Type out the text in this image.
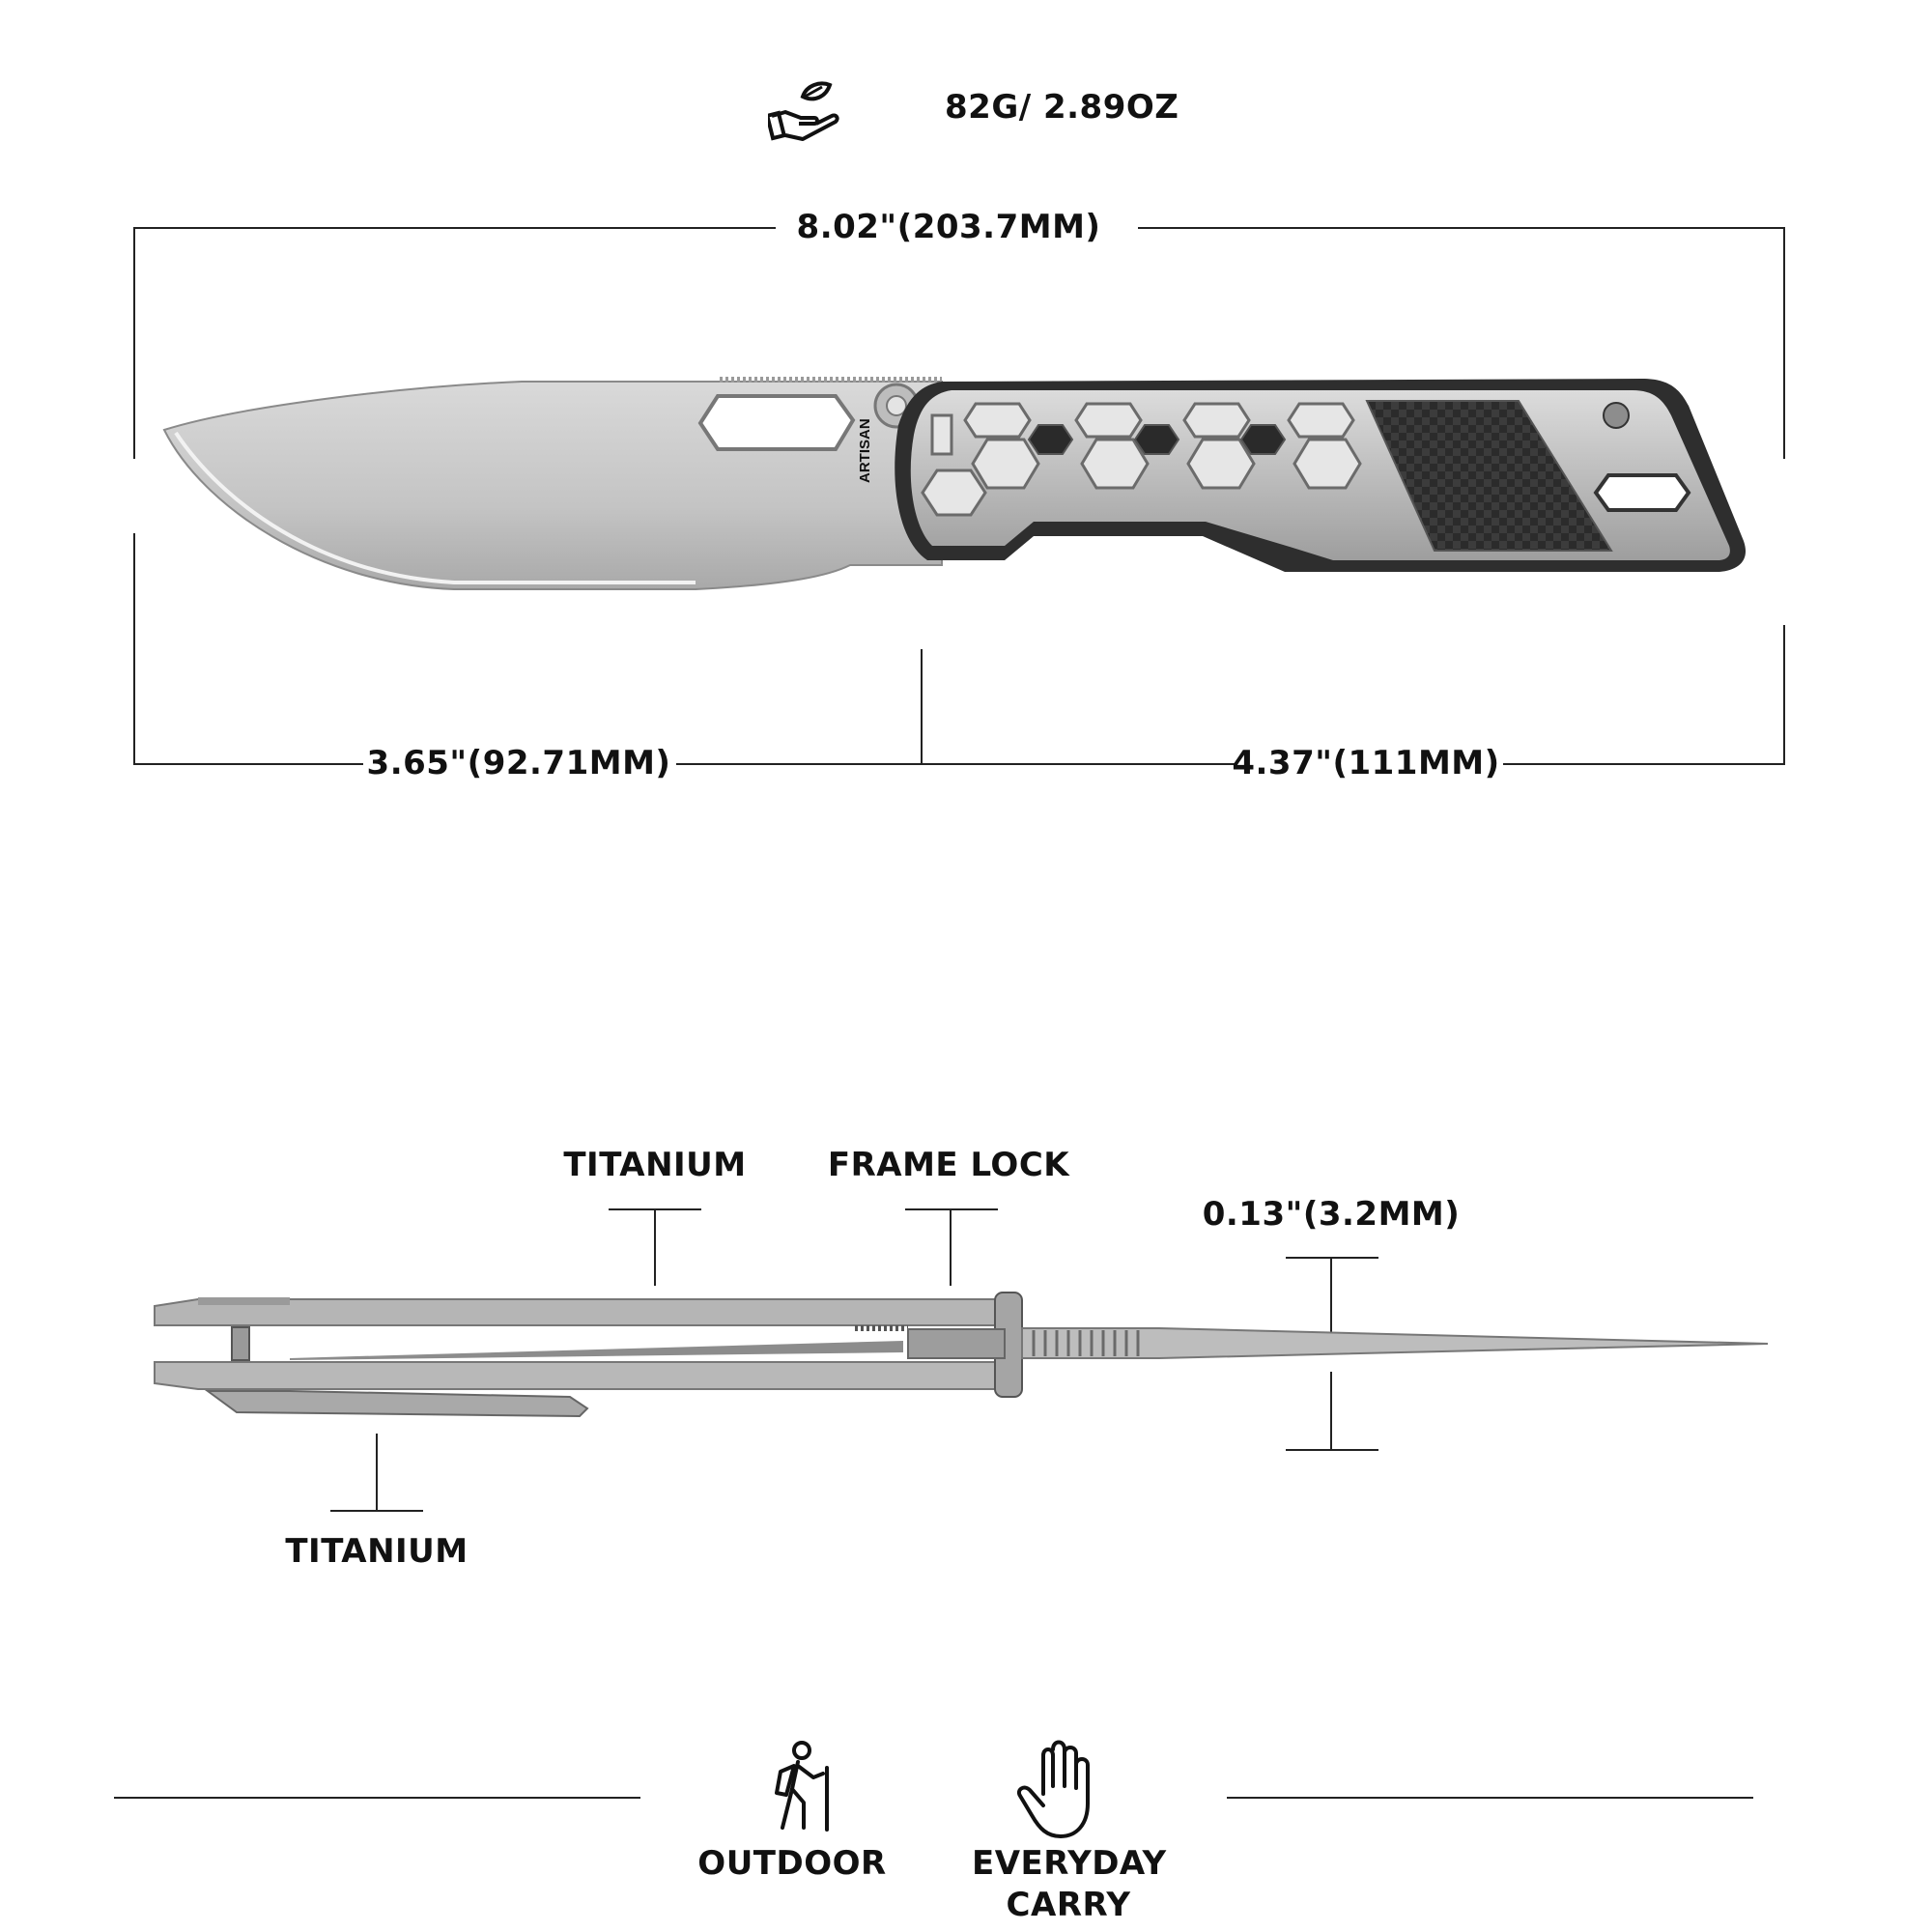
82G/ 2.89OZ
8.02"(203.7MM)
ARTISAN
3.65"(92.71MM)	4.37"(111MM)
TITANIUM FRAME LOCK
0.13"(3.2MM)
TITANIUM
OUTDOOR	EVERYDAY CARRY
